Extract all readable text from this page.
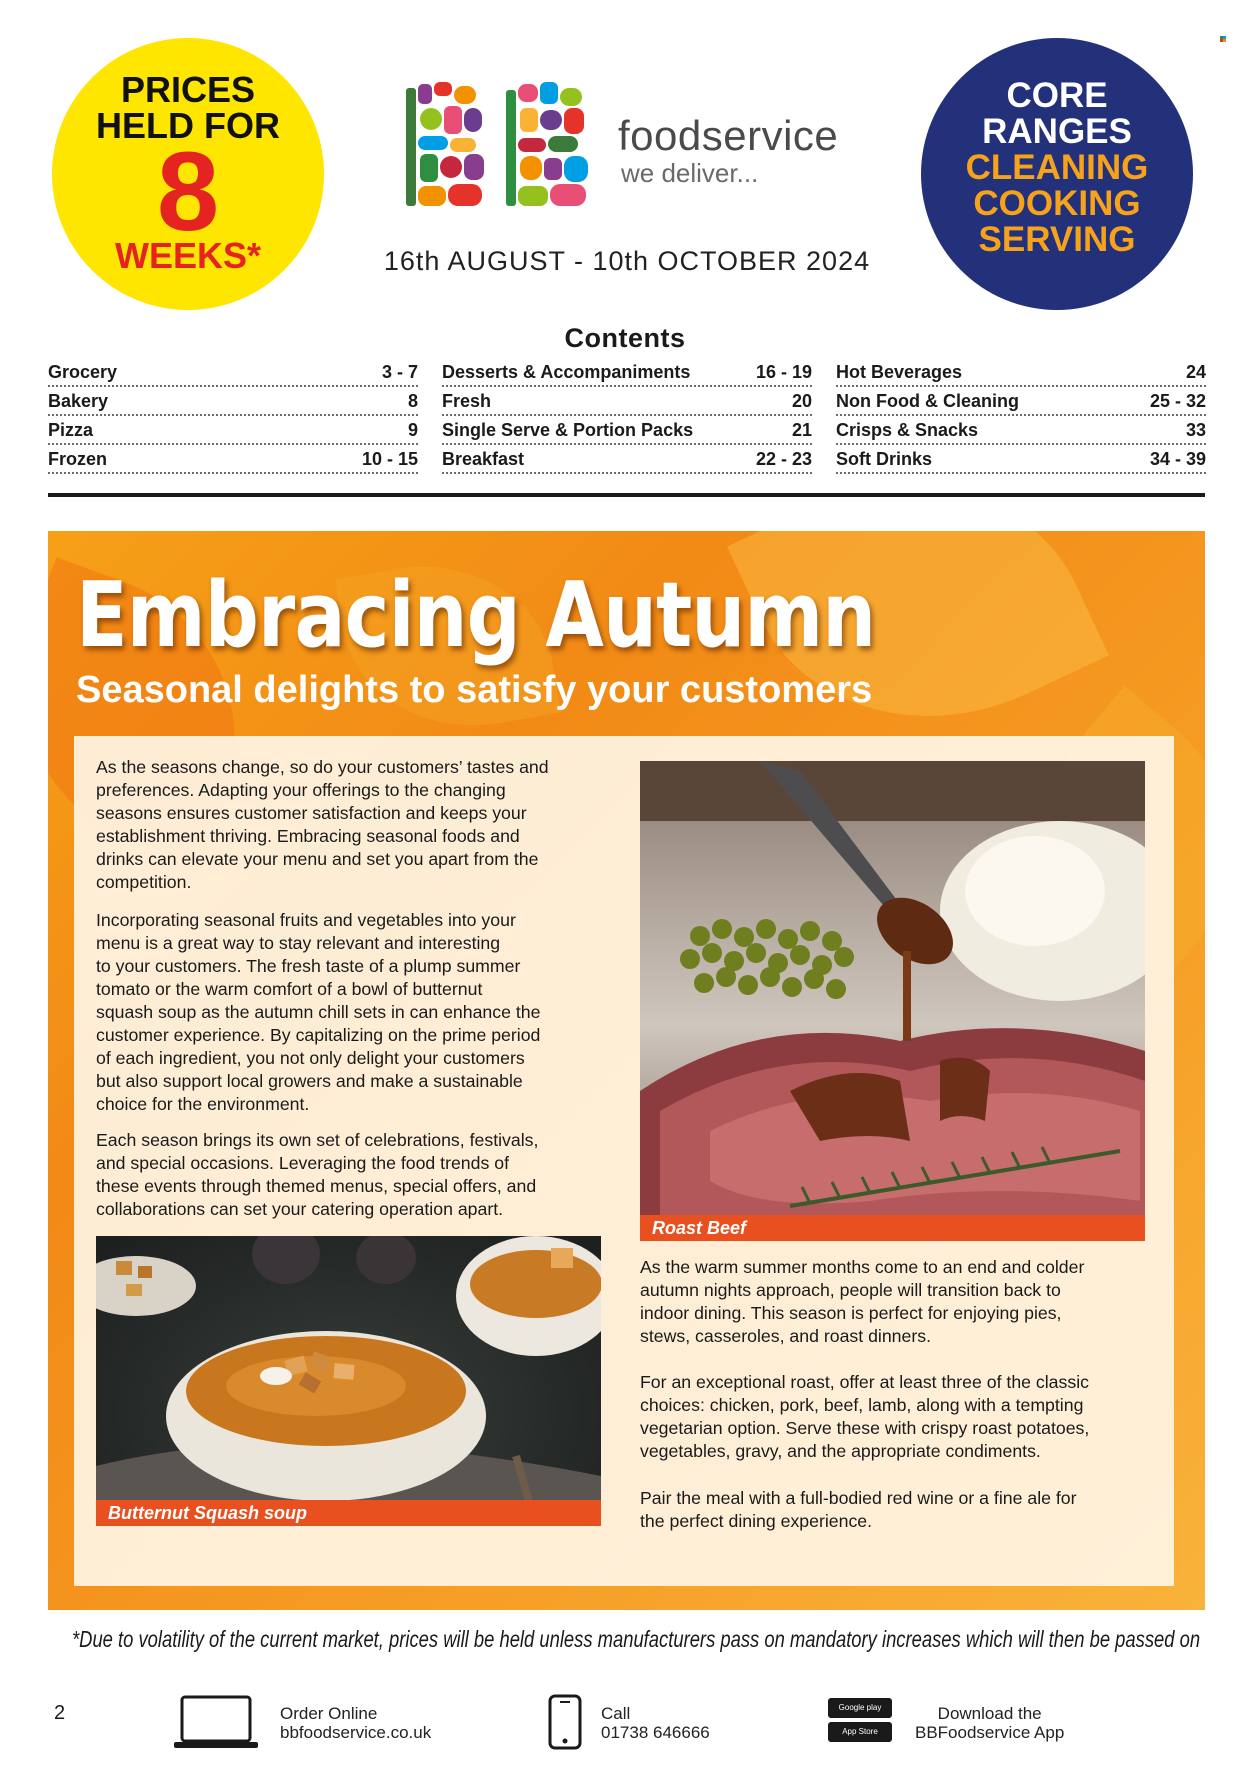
PRICES
HELD FOR
8
WEEKS*
foodservice
we deliver...
16th AUGUST - 10th OCTOBER 2024
CORE
RANGES
CLEANING
COOKING
SERVING
Contents
Grocery	3 - 7
Bakery	8
Pizza	9
Frozen	10 - 15
Desserts & Accompaniments	16 - 19
Fresh	20
Single Serve & Portion Packs	21
Breakfast	22 - 23
Hot Beverages	24
Non Food & Cleaning	25 - 32
Crisps & Snacks	33
Soft Drinks	34 - 39
Embracing Autumn
Seasonal delights to satisfy your customers
As the seasons change, so do your customers’ tastes and
preferences. Adapting your offerings to the changing
seasons ensures customer satisfaction and keeps your
establishment thriving. Embracing seasonal foods and
drinks can elevate your menu and set you apart from the
competition.
Incorporating seasonal fruits and vegetables into your
menu is a great way to stay relevant and interesting
to your customers. The fresh taste of a plump summer
tomato or the warm comfort of a bowl of butternut
squash soup as the autumn chill sets in can enhance the
customer experience. By capitalizing on the prime period
of each ingredient, you not only delight your customers
but also support local growers and make a sustainable
choice for the environment.
Each season brings its own set of celebrations, festivals,
and special occasions. Leveraging the food trends of
these events through themed menus, special offers, and
collaborations can set your catering operation apart.
Roast Beef
As the warm summer months come to an end and colder
autumn nights approach, people will transition back to
indoor dining. This season is perfect for enjoying pies,
stews, casseroles, and roast dinners.
For an exceptional roast, offer at least three of the classic
choices: chicken, pork, beef, lamb, along with a tempting
vegetarian option. Serve these with crispy roast potatoes,
vegetables, gravy, and the appropriate condiments.
Pair the meal with a full-bodied red wine or a fine ale for
the perfect dining experience.
Butternut Squash soup
*Due to volatility of the current market, prices will be held unless manufacturers pass on mandatory increases which will then be passed on
2	Order Online
bbfoodservice.co.uk
Call
01738 646666
Google play
App Store
Download the
BBFoodservice App
